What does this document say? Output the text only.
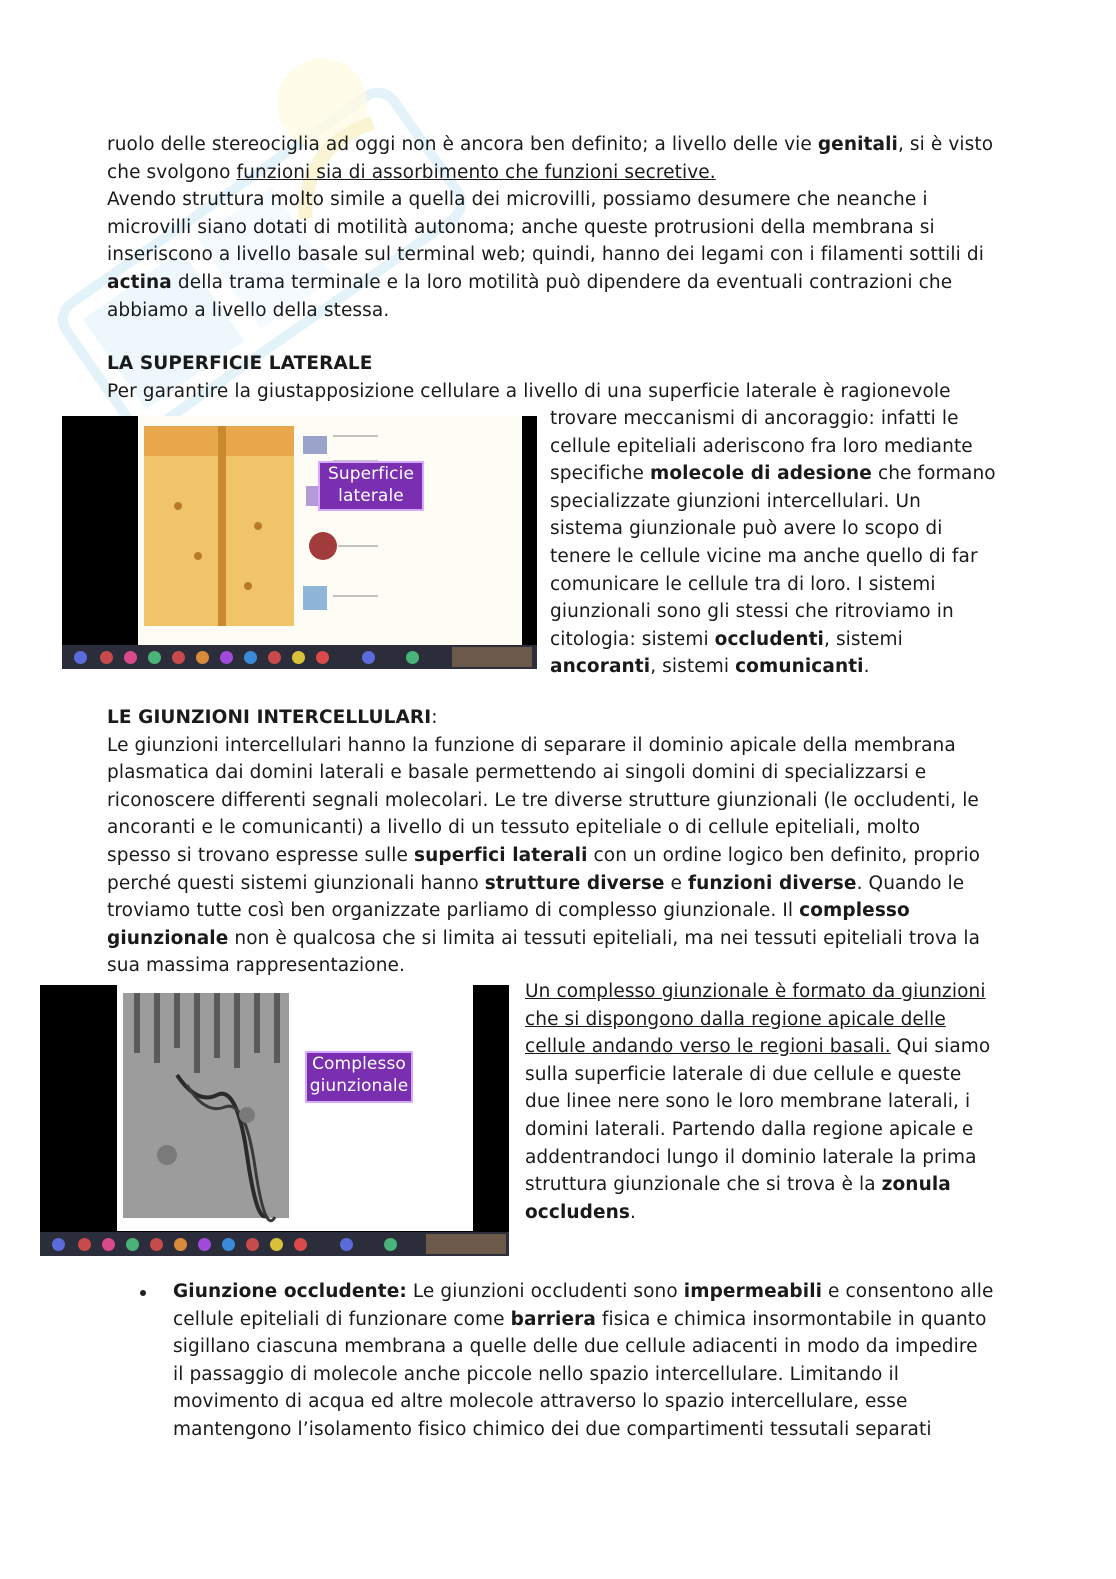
ruolo delle stereociglia ad oggi non è ancora ben definito; a livello delle vie genitali, si è visto

che svolgono funzioni sia di assorbimento che funzioni secretive.

Avendo struttura molto simile a quella dei microvilli, possiamo desumere che neanche i

microvilli siano dotati di motilità autonoma; anche queste protrusioni della membrana si

inseriscono a livello basale sul terminal web; quindi, hanno dei legami con i filamenti sottili di

actina della trama terminale e la loro motilità può dipendere da eventuali contrazioni che

abbiamo a livello della stessa.

LA SUPERFICIE LATERALE

Per garantire la giustapposizione cellulare a livello di una superficie laterale è ragionevole

Superficie
laterale

trovare meccanismi di ancoraggio: infatti le

cellule epiteliali aderiscono fra loro mediante

specifiche molecole di adesione che formano

specializzate giunzioni intercellulari. Un

sistema giunzionale può avere lo scopo di

tenere le cellule vicine ma anche quello di far

comunicare le cellule tra di loro. I sistemi

giunzionali sono gli stessi che ritroviamo in

citologia: sistemi occludenti, sistemi

ancoranti, sistemi comunicanti.

LE GIUNZIONI INTERCELLULARI:

Le giunzioni intercellulari hanno la funzione di separare il dominio apicale della membrana

plasmatica dai domini laterali e basale permettendo ai singoli domini di specializzarsi e

riconoscere differenti segnali molecolari. Le tre diverse strutture giunzionali (le occludenti, le

ancoranti e le comunicanti) a livello di un tessuto epiteliale o di cellule epiteliali, molto

spesso si trovano espresse sulle superfici laterali con un ordine logico ben definito, proprio

perché questi sistemi giunzionali hanno strutture diverse e funzioni diverse. Quando le

troviamo tutte così ben organizzate parliamo di complesso giunzionale. Il complesso

giunzionale non è qualcosa che si limita ai tessuti epiteliali, ma nei tessuti epiteliali trova la

sua massima rappresentazione.

Complesso
giunzionale

Un complesso giunzionale è formato da giunzioni

che si dispongono dalla regione apicale delle

cellule andando verso le regioni basali. Qui siamo

sulla superficie laterale di due cellule e queste

due linee nere sono le loro membrane laterali, i

domini laterali. Partendo dalla regione apicale e

addentrandoci lungo il dominio laterale la prima

struttura giunzionale che si trova è la zonula

occludens.

Giunzione occludente: Le giunzioni occludenti sono impermeabili e consentono alle

cellule epiteliali di funzionare come barriera fisica e chimica insormontabile in quanto

sigillano ciascuna membrana a quelle delle due cellule adiacenti in modo da impedire

il passaggio di molecole anche piccole nello spazio intercellulare. Limitando il

movimento di acqua ed altre molecole attraverso lo spazio intercellulare, esse

mantengono l’isolamento fisico chimico dei due compartimenti tessutali separati
